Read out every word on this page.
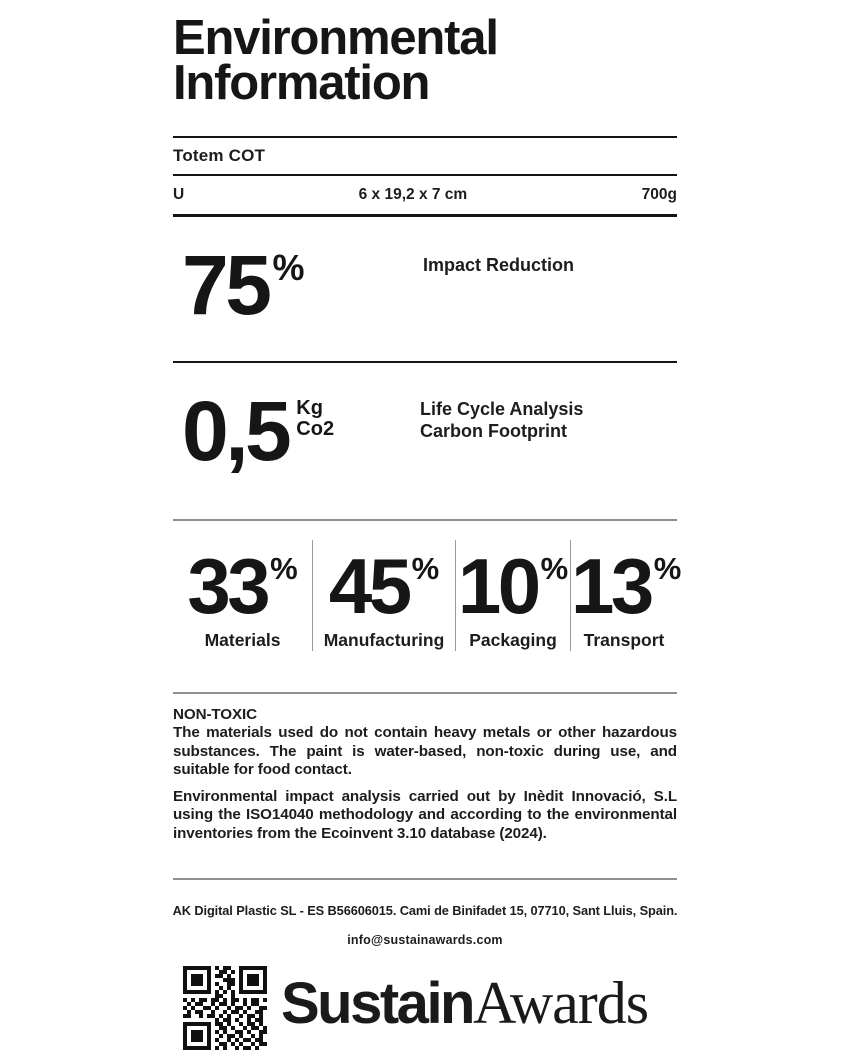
Environmental
Information
Totem COT
U	6 x 19,2 x 7 cm	700g
75 %	Impact Reduction
0,5 Kg
Co2
Life Cycle Analysis
Carbon Footprint
33 %
Materials
45 %
Manufacturing
10 %
Packaging
13 %
Transport
NON-TOXIC

The materials used do not contain heavy metals or other hazardous substances. The paint is water-based, non-toxic during use, and suitable for food contact.

Environmental impact analysis carried out by Inèdit Innovació, S.L using the ISO14040 methodology and according to the environmental inventories from the Ecoinvent 3.10 database (2024).

AK Digital Plastic SL - ES B56606015. Cami de Binifadet 15, 07710, Sant Lluis, Spain.
info@sustainawards.com
SustainAwards
